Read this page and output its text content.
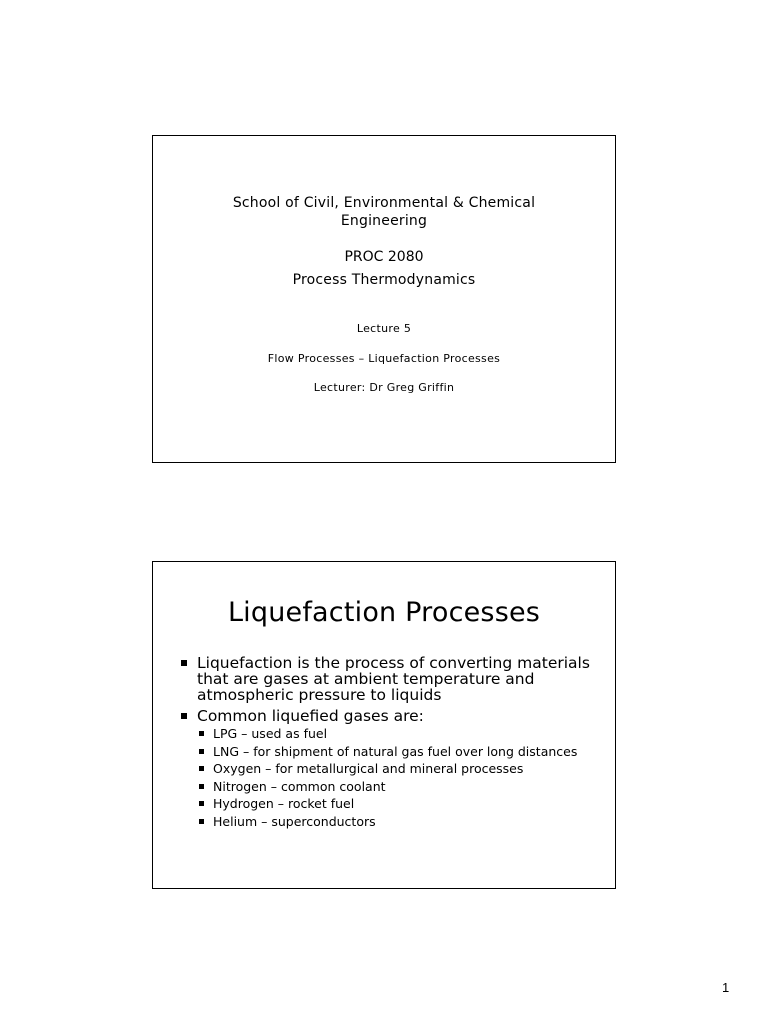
School of Civil, Environmental & Chemical Engineering
PROC 2080
Process Thermodynamics
Lecture 5
Flow Processes – Liquefaction Processes
Lecturer: Dr Greg Griffin
Liquefaction Processes
Liquefaction is the process of converting materials that are gases at ambient temperature and atmospheric pressure to liquids
Common liquefied gases are:
LPG – used as fuel
LNG – for shipment of natural gas fuel over long distances
Oxygen – for metallurgical and mineral processes
Nitrogen – common coolant
Hydrogen – rocket fuel
Helium – superconductors
1
